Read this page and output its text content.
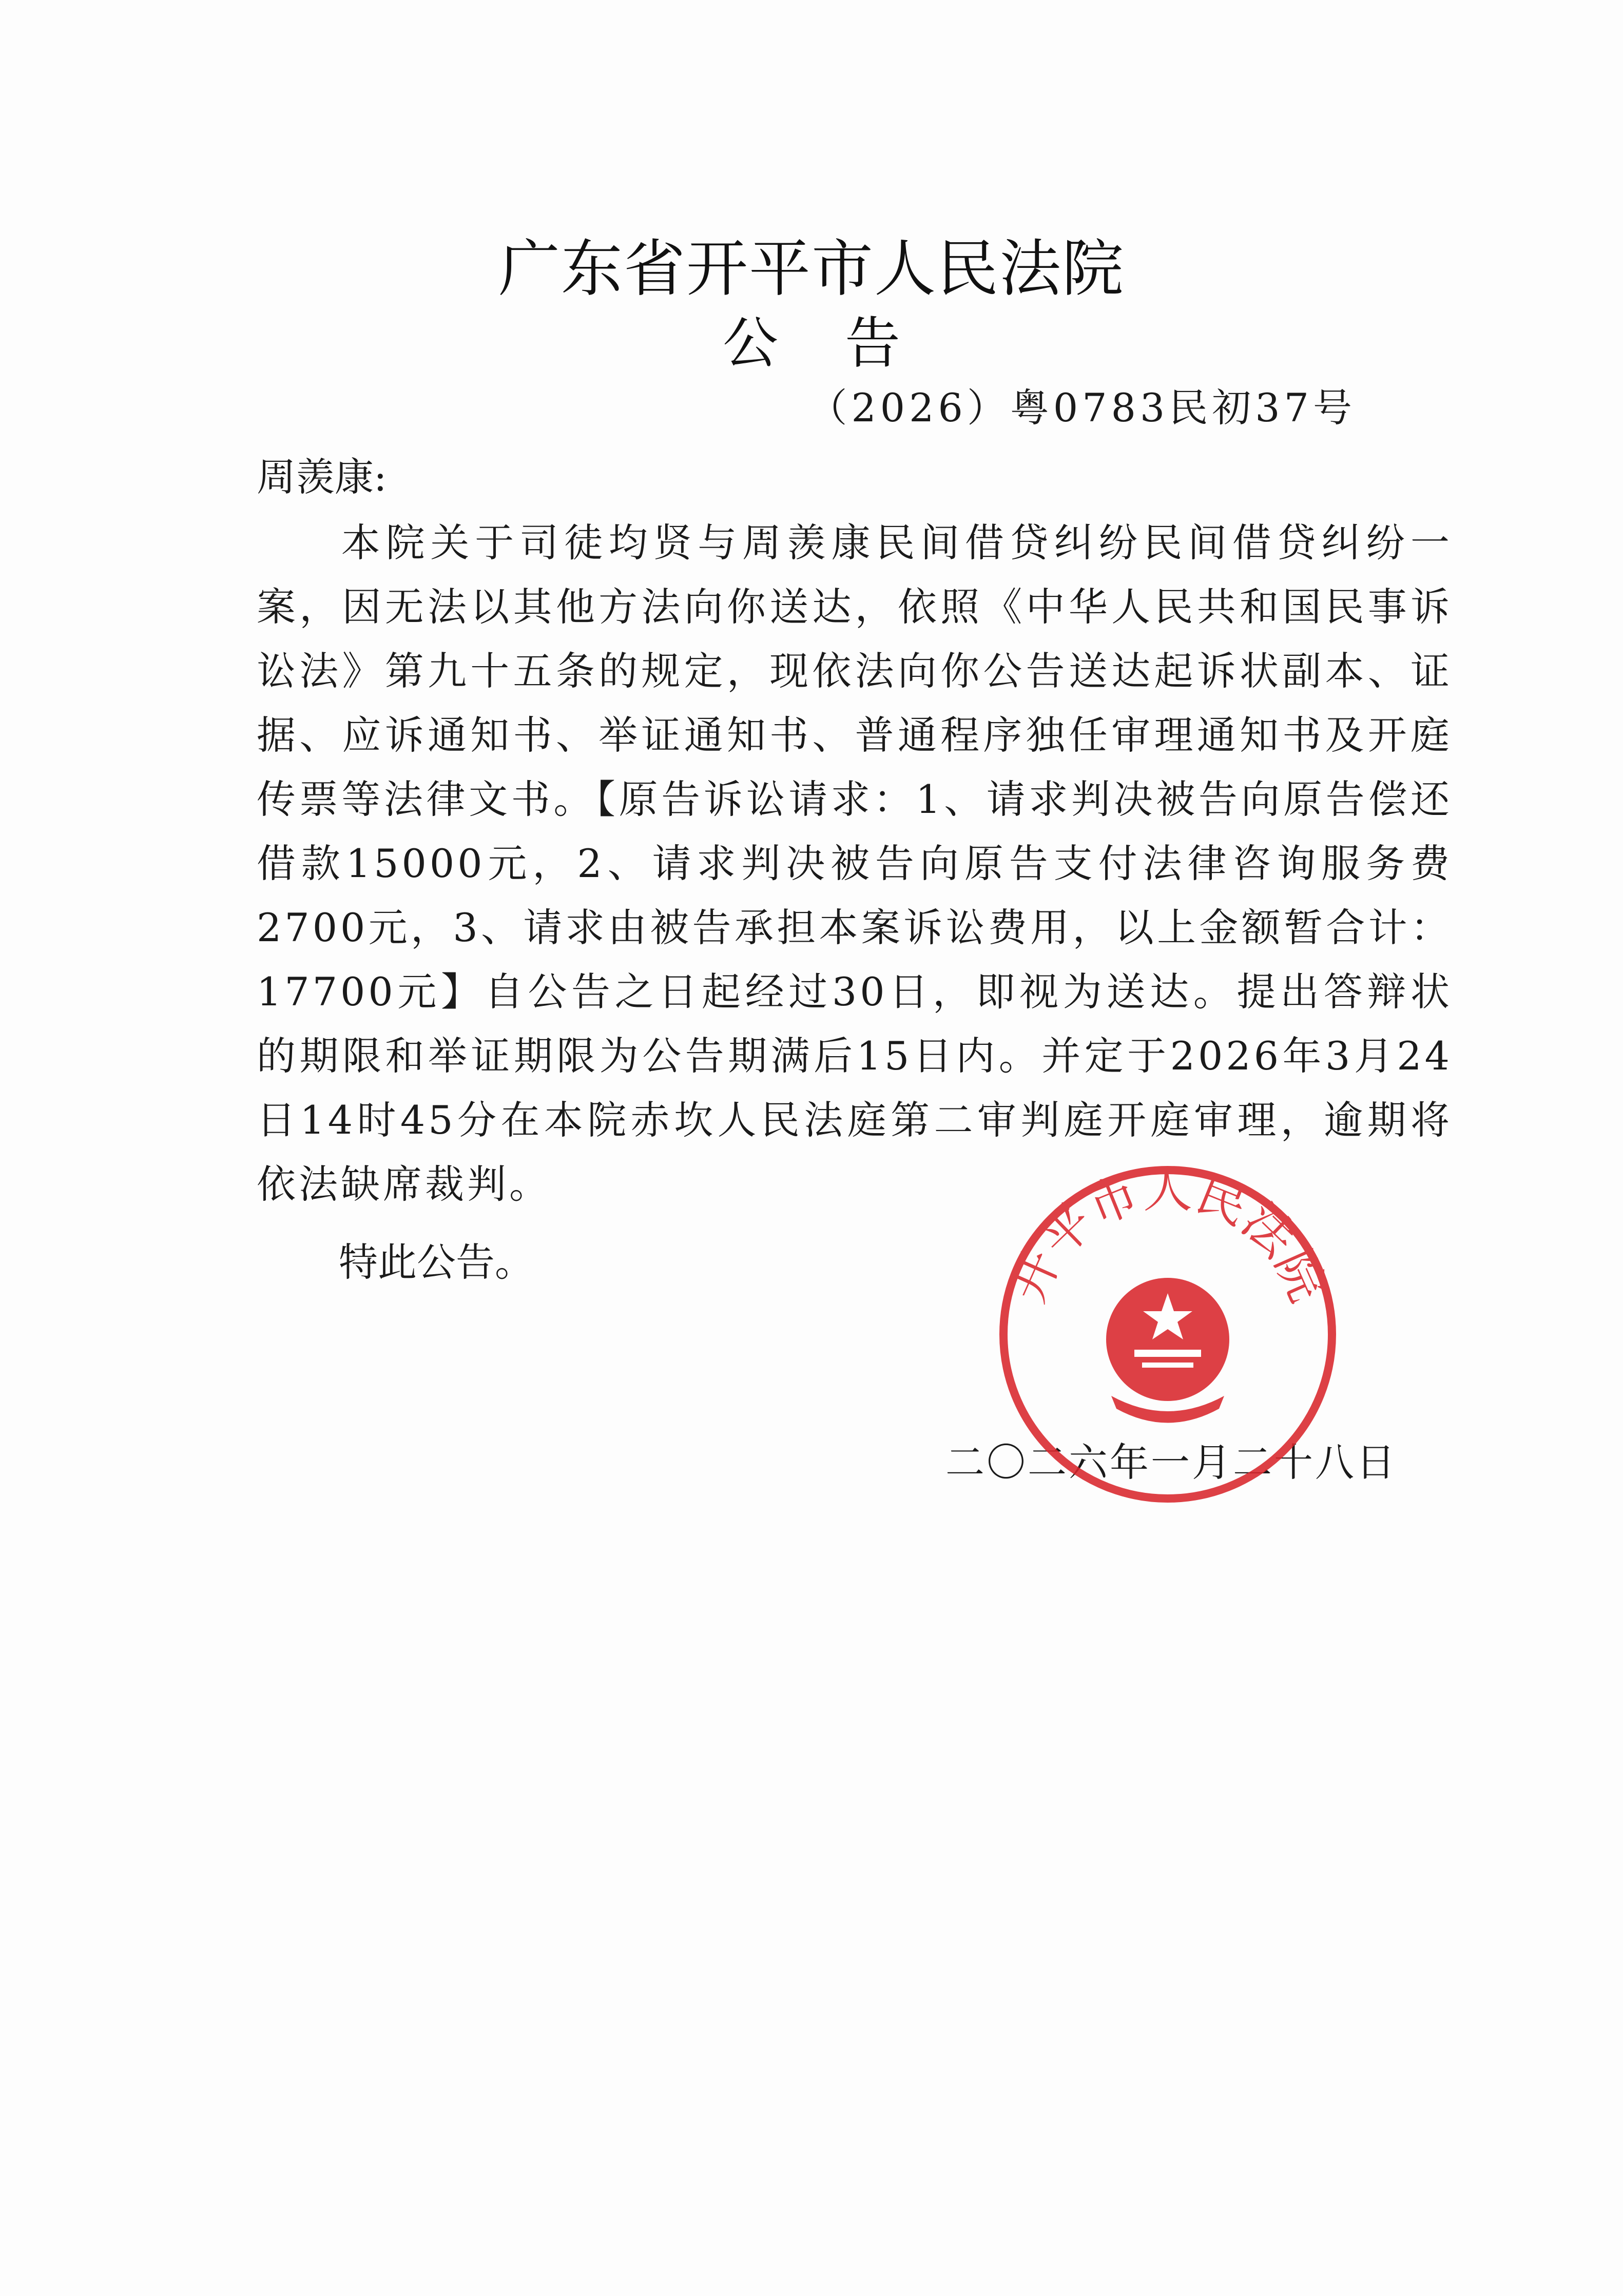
广东省开平市人民法院
公 告
（2026）粤0783民初37号
周羡康:
本院关于司徒均贤与周羡康民间借贷纠纷民间借贷纠纷一案，因无法以其他方法向你送达，依照《中华人民共和国民事诉讼法》第九十五条的规定，现依法向你公告送达起诉状副本、证据、应诉通知书、举证通知书、普通程序独任审理通知书及开庭传票等法律文书。【原告诉讼请求：1、请求判决被告向原告偿还借款15000元，2、请求判决被告向原告支付法律咨询服务费2700元，3、请求由被告承担本案诉讼费用，以上金额暂合计：17700元】自公告之日起经过30日，即视为送达。提出答辩状的期限和举证期限为公告期满后15日内。并定于2026年3月24日14时45分在本院赤坎人民法庭第二审判庭开庭审理，逾期将依法缺席裁判。
特此公告。
二〇二六年一月二十八日
开平市人民法院
